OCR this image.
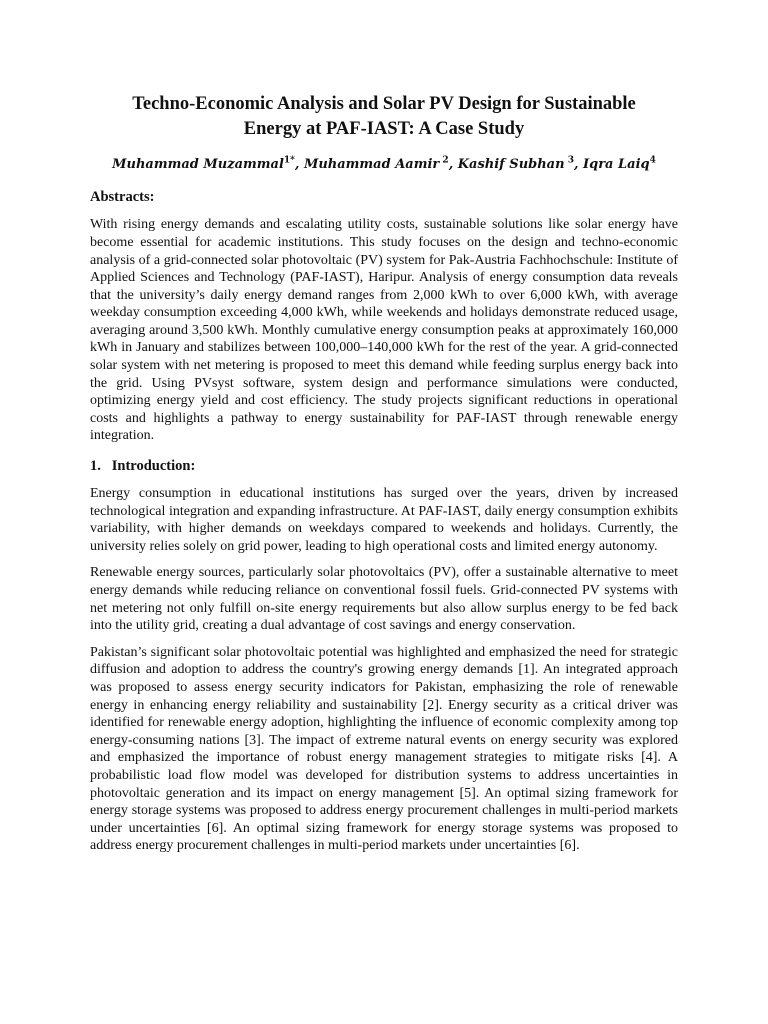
Techno-Economic Analysis and Solar PV Design for Sustainable
Energy at PAF-IAST: A Case Study
Muhammad Muzammal$^{1*}$, Muhammad Aamir $^2$, Kashif Subhan $^3$, Iqra Laiq$^4$
Abstracts:

With rising energy demands and escalating utility costs, sustainable solutions like solar energy have become essential for academic institutions. This study focuses on the design and techno-economic analysis of a grid-connected solar photovoltaic (PV) system for Pak-Austria Fachhochschule: Institute of Applied Sciences and Technology (PAF-IAST), Haripur. Analysis of energy consumption data reveals that the university’s daily energy demand ranges from 2,000 kWh to over 6,000 kWh, with average weekday consumption exceeding 4,000 kWh, while weekends and holidays demonstrate reduced usage, averaging around 3,500 kWh. Monthly cumulative energy consumption peaks at approximately 160,000 kWh in January and stabilizes between 100,000–140,000 kWh for the rest of the year. A grid-connected solar system with net metering is proposed to meet this demand while feeding surplus energy back into the grid. Using PVsyst software, system design and performance simulations were conducted, optimizing energy yield and cost efficiency. The study projects significant reductions in operational costs and highlights a pathway to energy sustainability for PAF-IAST through renewable energy integration.

1.   Introduction:

Energy consumption in educational institutions has surged over the years, driven by increased technological integration and expanding infrastructure. At PAF-IAST, daily energy consumption exhibits variability, with higher demands on weekdays compared to weekends and holidays. Currently, the university relies solely on grid power, leading to high operational costs and limited energy autonomy.

Renewable energy sources, particularly solar photovoltaics (PV), offer a sustainable alternative to meet energy demands while reducing reliance on conventional fossil fuels. Grid-connected PV systems with net metering not only fulfill on-site energy requirements but also allow surplus energy to be fed back into the utility grid, creating a dual advantage of cost savings and energy conservation.

Pakistan’s significant solar photovoltaic potential was highlighted and emphasized the need for strategic diffusion and adoption to address the country's growing energy demands [1]. An integrated approach was proposed to assess energy security indicators for Pakistan, emphasizing the role of renewable energy in enhancing energy reliability and sustainability [2]. Energy security as a critical driver was identified for renewable energy adoption, highlighting the influence of economic complexity among top energy-consuming nations [3]. The impact of extreme natural events on energy security was explored and emphasized the importance of robust energy management strategies to mitigate risks [4]. A probabilistic load flow model was developed for distribution systems to address uncertainties in photovoltaic generation and its impact on energy management [5]. An optimal sizing framework for energy storage systems was proposed to address energy procurement challenges in multi-period markets under uncertainties [6]. An optimal sizing framework for energy storage systems was proposed to address energy procurement challenges in multi-period markets under uncertainties [6].
